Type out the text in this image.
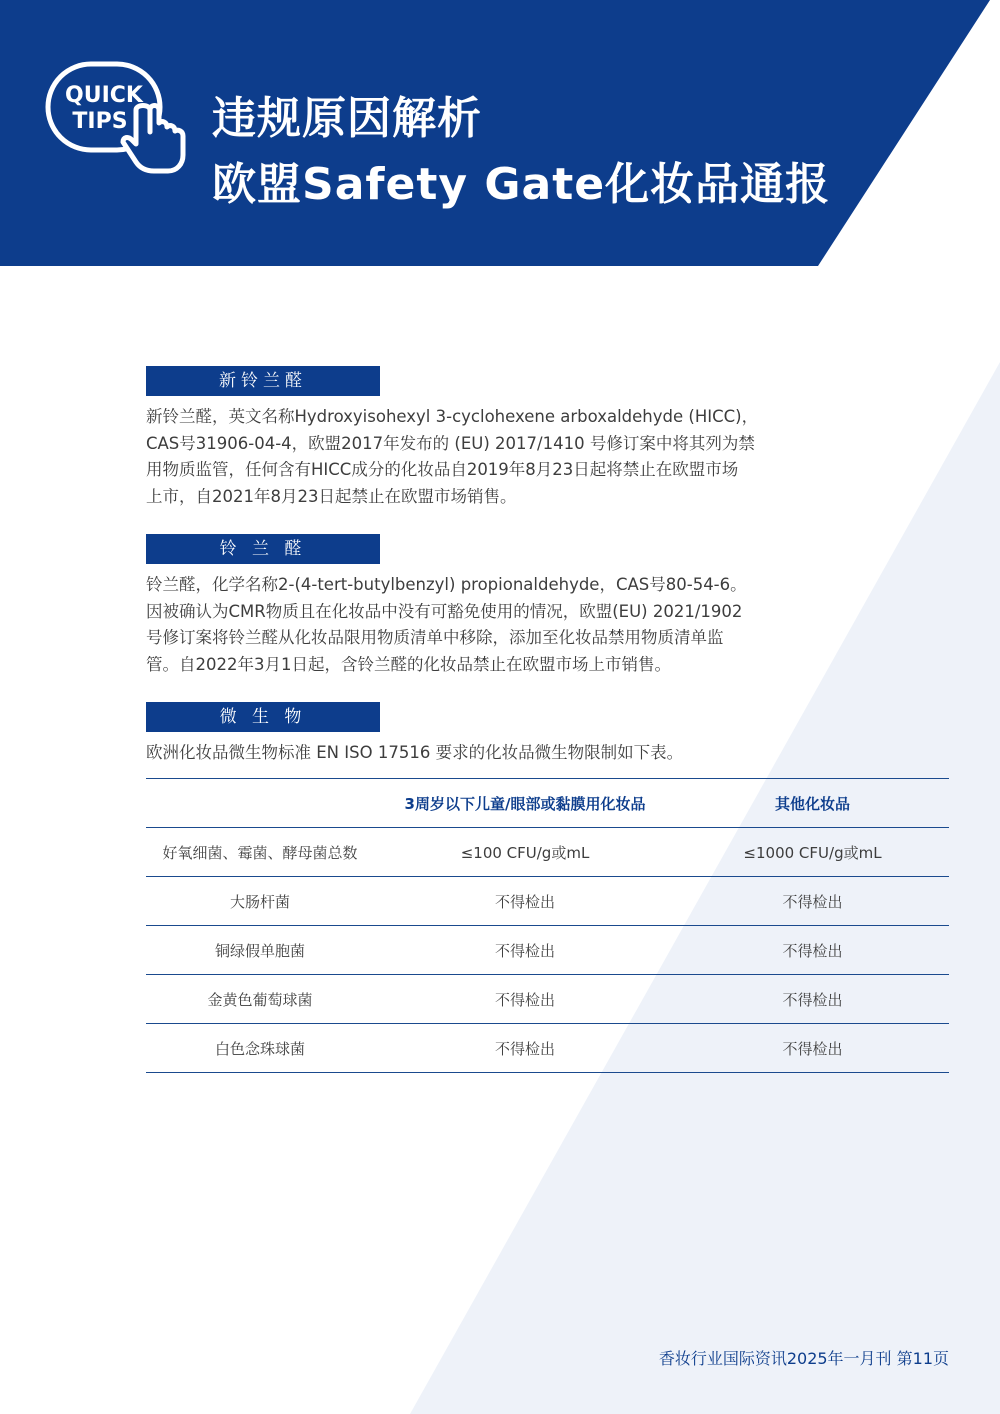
QUICK
TIPS 违规原因解析
欧盟Safety Gate化妆品通报
新铃兰醛
新铃兰醛，英文名称Hydroxyisohexyl 3-cyclohexene arboxaldehyde (HICC)，
CAS号31906-04-4，欧盟2017年发布的 (EU) 2017/1410 号修订案中将其列为禁
用物质监管，任何含有HICC成分的化妆品自2019年8月23日起将禁止在欧盟市场
上市，自2021年8月23日起禁止在欧盟市场销售。
铃 兰 醛
铃兰醛，化学名称2-(4-tert-butylbenzyl) propionaldehyde，CAS号80-54-6。
因被确认为CMR物质且在化妆品中没有可豁免使用的情况，欧盟(EU) 2021/1902
号修订案将铃兰醛从化妆品限用物质清单中移除，添加至化妆品禁用物质清单监
管。自2022年3月1日起，含铃兰醛的化妆品禁止在欧盟市场上市销售。
微 生 物
欧洲化妆品微生物标准 EN ISO 17516 要求的化妆品微生物限制如下表。
	3周岁以下儿童/眼部或黏膜用化妆品	其他化妆品
好氧细菌、霉菌、酵母菌总数	≤100 CFU/g或mL	≤1000 CFU/g或mL
大肠杆菌	不得检出	不得检出
铜绿假单胞菌	不得检出	不得检出
金黄色葡萄球菌	不得检出	不得检出
白色念珠球菌	不得检出	不得检出
香妆行业国际资讯2025年一月刊 第11页
